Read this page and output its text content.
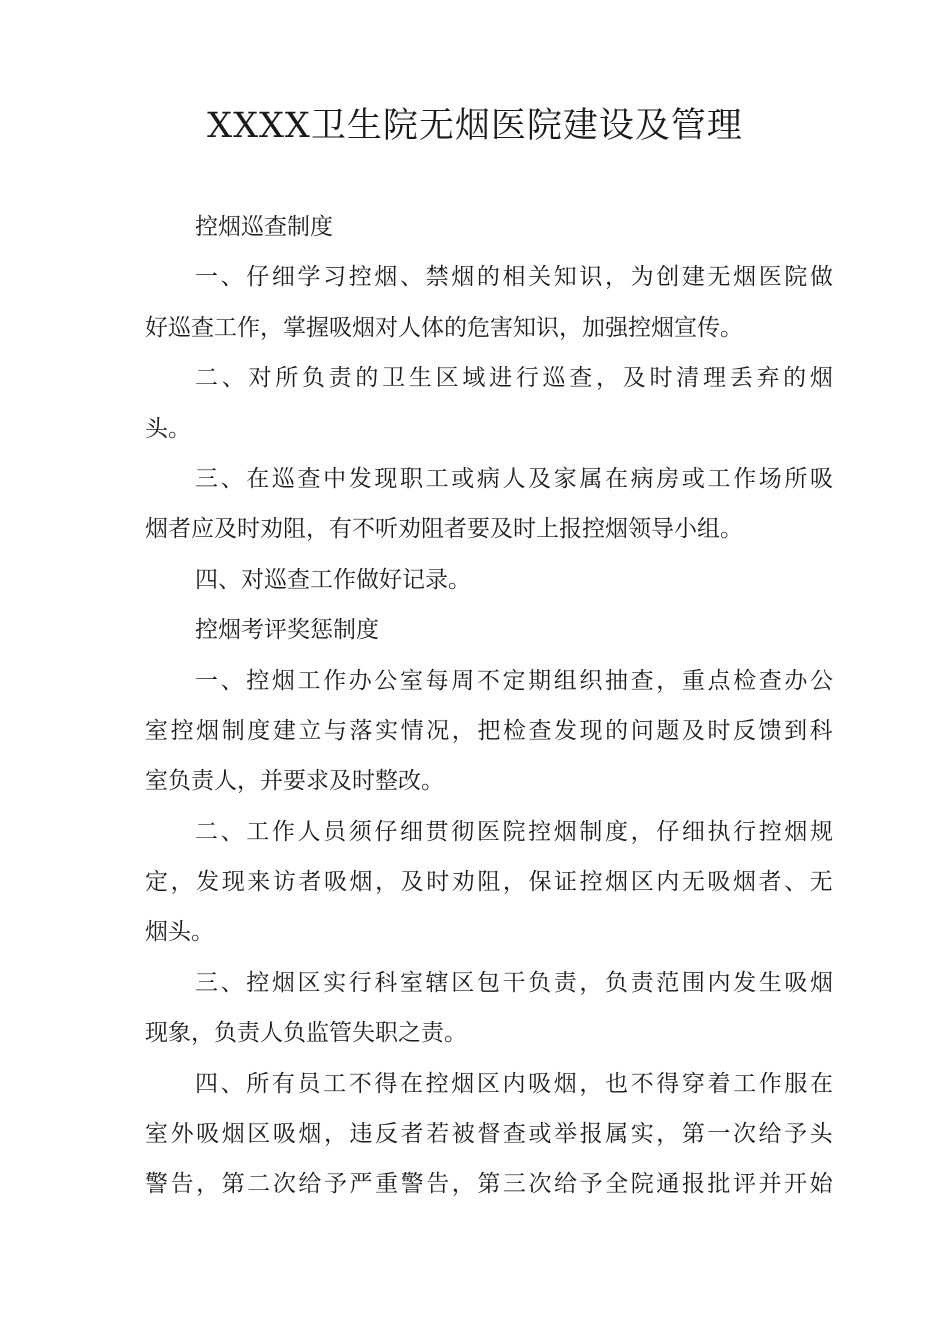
XXXX卫生院无烟医院建设及管理
控烟巡查制度
一 、 仔 细 学 习 控 烟 、 禁 烟 的 相 关 知 识 ， 为 创 建 无 烟 医 院 做
好巡查工作，掌握吸烟对人体的危害知识，加强控烟宣传。
二 、 对 所 负 责 的 卫 生 区 域 进 行 巡 查 ， 及 时 清 理 丢 弃 的 烟
头。
三 、 在 巡 查 中 发 现 职 工 或 病 人 及 家 属 在 病 房 或 工 作 场 所 吸
烟者应及时劝阻，有不听劝阻者要及时上报控烟领导小组。
四、对巡查工作做好记录。
控烟考评奖惩制度
一 、 控 烟 工 作 办 公 室 每 周 不 定 期 组 织 抽 查 ， 重 点 检 查 办 公
室 控 烟 制 度 建 立 与 落 实 情 况 ， 把 检 查 发 现 的 问 题 及 时 反 馈 到 科
室负责人，并要求及时整改。
二 、 工 作 人 员 须 仔 细 贯 彻 医 院 控 烟 制 度 ， 仔 细 执 行 控 烟 规
定 ， 发 现 来 访 者 吸 烟 ， 及 时 劝 阻 ， 保 证 控 烟 区 内 无 吸 烟 者 、 无
烟头。
三 、 控 烟 区 实 行 科 室 辖 区 包 干 负 责 ， 负 责 范 围 内 发 生 吸 烟
现象，负责人负监管失职之责。
四 、 所 有 员 工 不 得 在 控 烟 区 内 吸 烟 ， 也 不 得 穿 着 工 作 服 在
室 外 吸 烟 区 吸 烟 ， 违 反 者 若 被 督 查 或 举 报 属 实 ， 第 一 次 给 予 头
警 告 ， 第 二 次 给 予 严 重 警 告 ， 第 三 次 给 予 全 院 通 报 批 评 并 开 始
